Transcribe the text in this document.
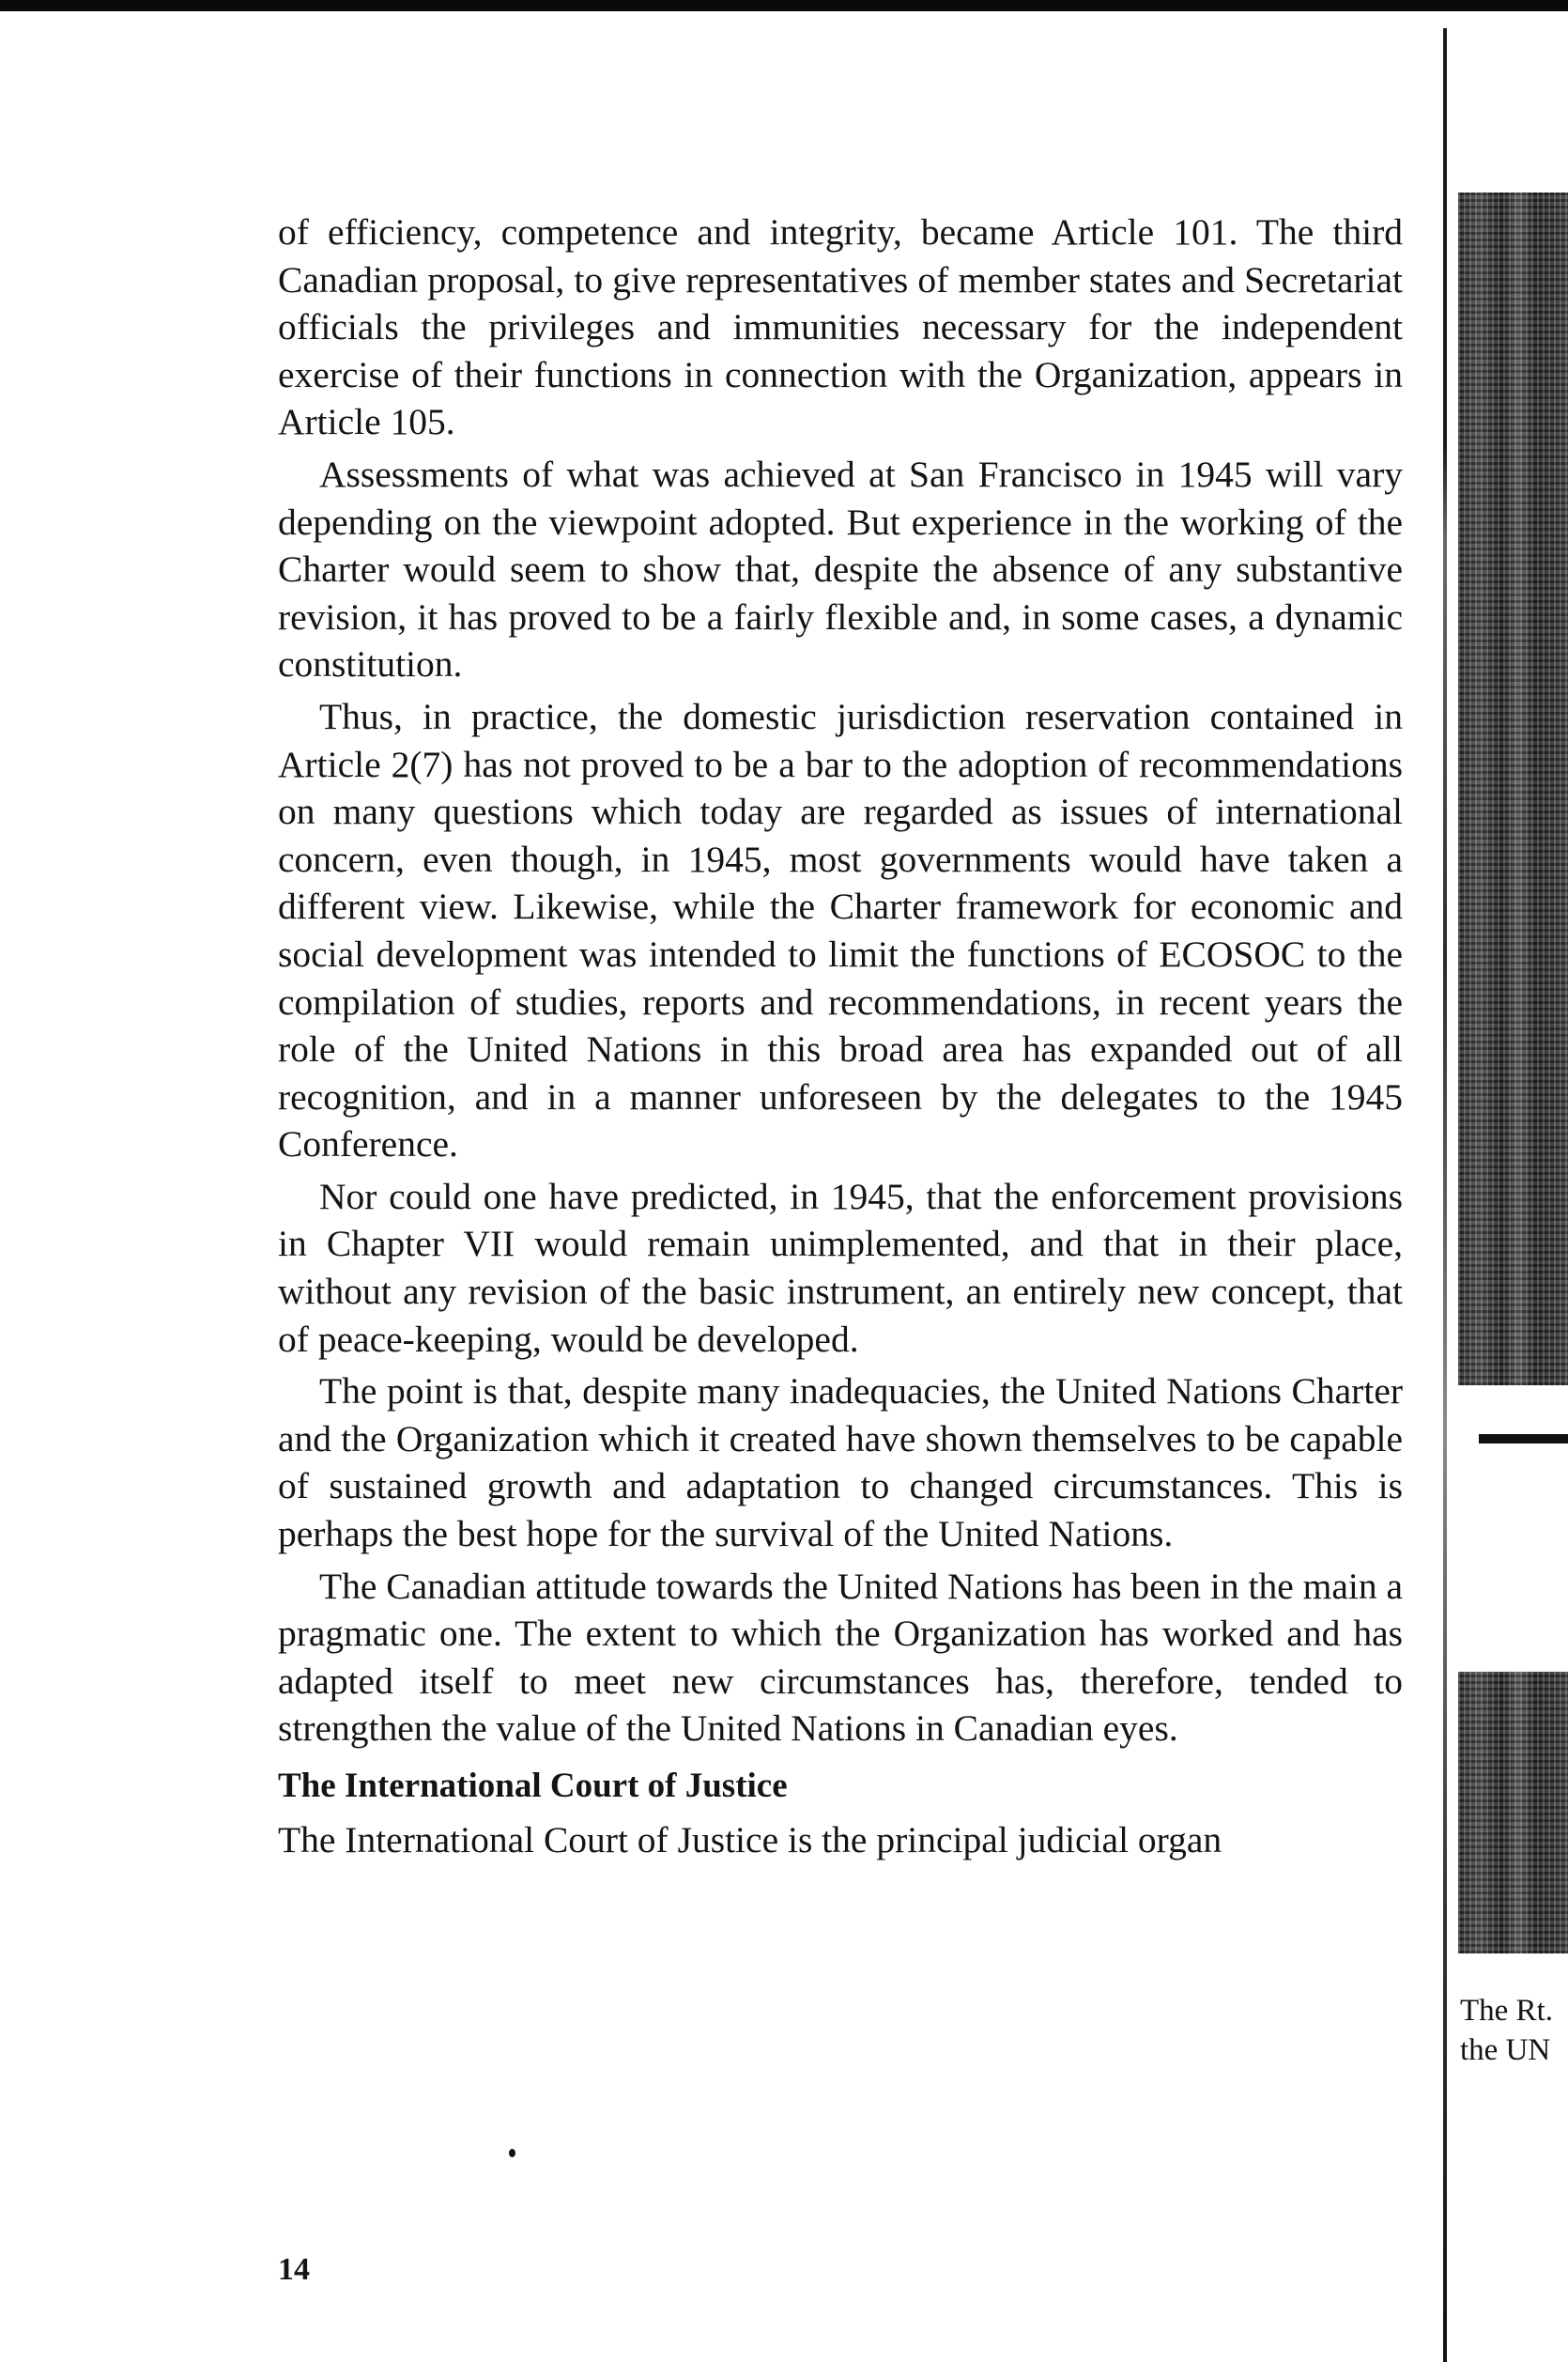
The Rt.
the UN

of efficiency, competence and integrity, became Article 101. The third Canadian proposal, to give representatives of member states and Secretariat officials the privileges and immunities necessary for the independent exercise of their functions in connection with the Organization, appears in Article 105.

Assessments of what was achieved at San Francisco in 1945 will vary depending on the viewpoint adopted. But experience in the working of the Charter would seem to show that, despite the absence of any substantive revision, it has proved to be a fairly flexible and, in some cases, a dynamic constitution.

Thus, in practice, the domestic jurisdiction reservation contained in Article 2(7) has not proved to be a bar to the adoption of recommendations on many questions which today are regarded as issues of international concern, even though, in 1945, most governments would have taken a different view. Likewise, while the Charter framework for economic and social development was intended to limit the functions of ECOSOC to the compilation of studies, reports and recommendations, in recent years the role of the United Nations in this broad area has expanded out of all recognition, and in a manner unforeseen by the delegates to the 1945 Conference.

Nor could one have predicted, in 1945, that the enforcement provisions in Chapter VII would remain unimplemented, and that in their place, without any revision of the basic instrument, an entirely new concept, that of peace-keeping, would be developed.

The point is that, despite many inadequacies, the United Nations Charter and the Organization which it created have shown themselves to be capable of sustained growth and adaptation to changed circumstances. This is perhaps the best hope for the survival of the United Nations.

The Canadian attitude towards the United Nations has been in the main a pragmatic one. The extent to which the Organization has worked and has adapted itself to meet new circumstances has, therefore, tended to strengthen the value of the United Nations in Canadian eyes.

The International Court of Justice

The International Court of Justice is the principal judicial organ

14
